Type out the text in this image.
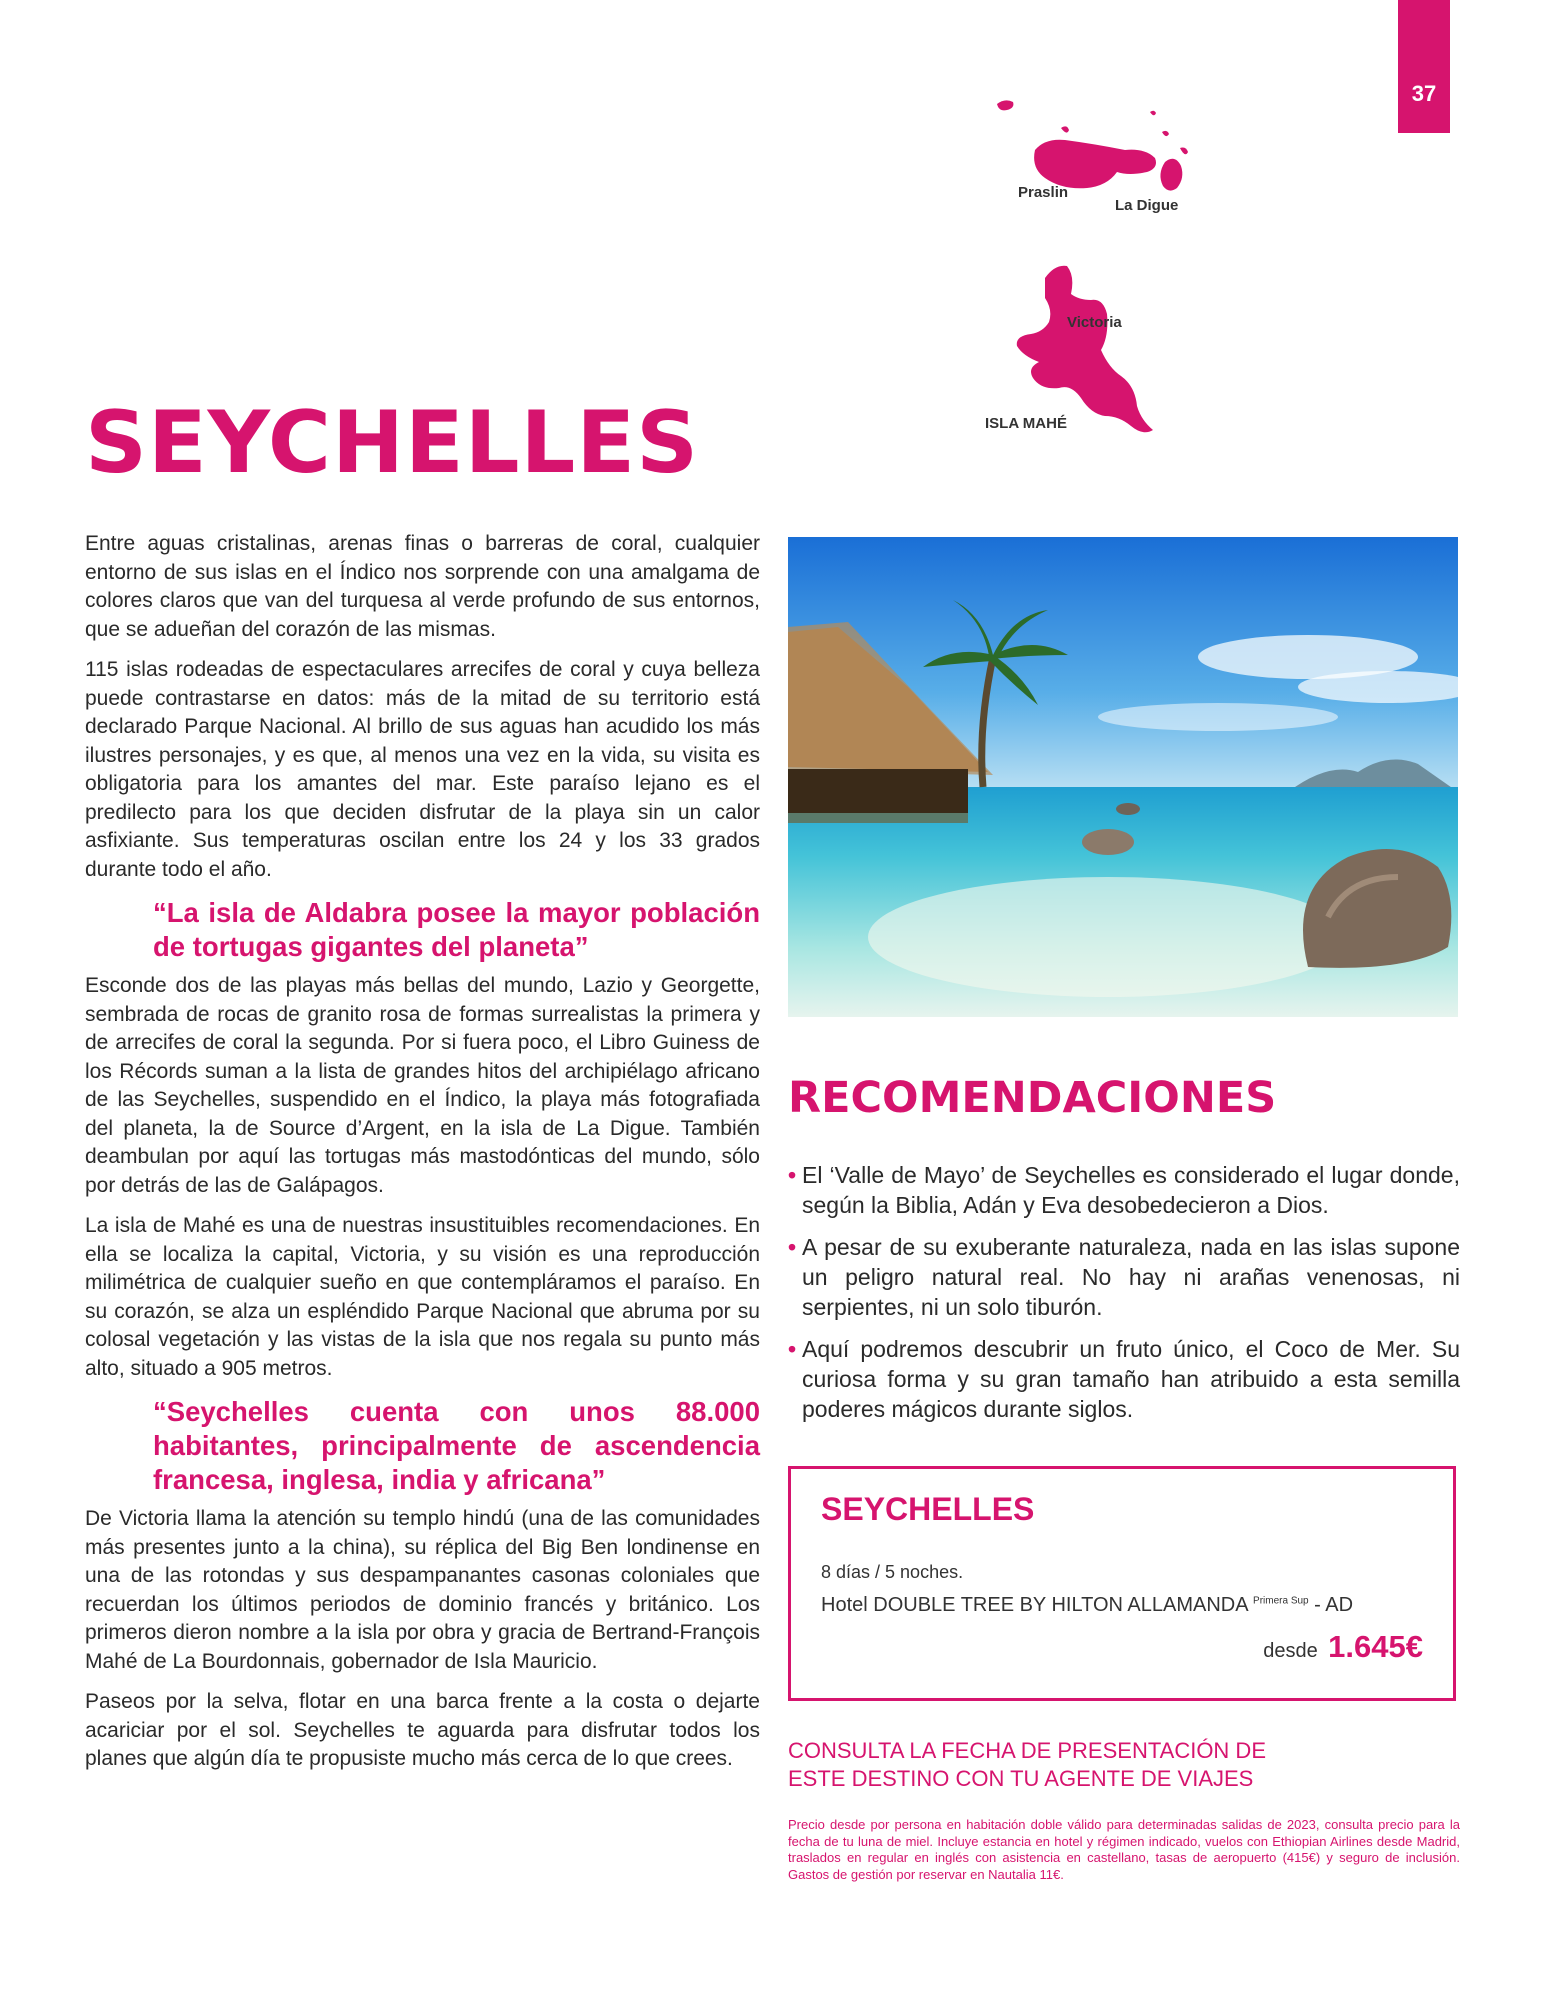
37
Praslin
La Digue
Victoria
ISLA MAHÉ
SEYCHELLES

Entre aguas cristalinas, arenas finas o barreras de coral, cualquier entorno de sus islas en el Índico nos sorprende con una amalgama de colores claros que van del turquesa al verde profundo de sus entornos, que se adueñan del corazón de las mismas.

115 islas rodeadas de espectaculares arrecifes de coral y cuya belleza puede contrastarse en datos: más de la mitad de su territorio está declarado Parque Nacional. Al brillo de sus aguas han acudido los más ilustres personajes, y es que, al menos una vez en la vida, su visita es obligatoria para los amantes del mar. Este paraíso lejano es el predilecto para los que deciden disfrutar de la playa sin un calor asfixiante. Sus temperaturas oscilan entre los 24 y los 33 grados durante todo el año.

“La isla de Aldabra posee la mayor población de tortugas gigantes del planeta”

Esconde dos de las playas más bellas del mundo, Lazio y Georgette, sembrada de rocas de granito rosa de formas surrealistas la primera y de arrecifes de coral la segunda. Por si fuera poco, el Libro Guiness de los Récords suman a la lista de grandes hitos del archipiélago africano de las Seychelles, suspendido en el Índico, la playa más fotografiada del planeta, la de Source d’Argent, en la isla de La Digue. También deambulan por aquí las tortugas más mastodónticas del mundo, sólo por detrás de las de Galápagos.

La isla de Mahé es una de nuestras insustituibles recomendaciones. En ella se localiza la capital, Victoria, y su visión es una reproducción milimétrica de cualquier sueño en que contempláramos el paraíso. En su corazón, se alza un espléndido Parque Nacional que abruma por su colosal vegetación y las vistas de la isla que nos regala su punto más alto, situado a 905 metros.

“Seychelles cuenta con unos 88.000 habitantes, principalmente de ascendencia francesa, inglesa, india y africana”

De Victoria llama la atención su templo hindú (una de las comunidades más presentes junto a la china), su réplica del Big Ben londinense en una de las rotondas y sus despampanantes casonas coloniales que recuerdan los últimos periodos de dominio francés y británico. Los primeros dieron nombre a la isla por obra y gracia de Bertrand-François Mahé de La Bourdonnais, gobernador de Isla Mauricio.

Paseos por la selva, flotar en una barca frente a la costa o dejarte acariciar por el sol. Seychelles te aguarda para disfrutar todos los planes que algún día te propusiste mucho más cerca de lo que crees.

RECOMENDACIONES
• El ‘Valle de Mayo’ de Seychelles es considerado el lugar donde, según la Biblia, Adán y Eva desobedecieron a Dios.
• A pesar de su exuberante naturaleza, nada en las islas supone un peligro natural real. No hay ni arañas venenosas, ni serpientes, ni un solo tiburón.
• Aquí podremos descubrir un fruto único, el Coco de Mer. Su curiosa forma y su gran tamaño han atribuido a esta semilla poderes mágicos durante siglos.
SEYCHELLES
8 días / 5 noches.
Hotel DOUBLE TREE BY HILTON ALLAMANDA $^{Primera Sup}$ - AD
desde 1.645€

CONSULTA LA FECHA DE PRESENTACIÓN DE
ESTE DESTINO CON TU AGENTE DE VIAJES

Precio desde por persona en habitación doble válido para determinadas salidas de 2023, consulta precio para la fecha de tu luna de miel. Incluye estancia en hotel y régimen indicado, vuelos con Ethiopian Airlines desde Madrid, traslados en regular en inglés con asistencia en castellano, tasas de aeropuerto (415€) y seguro de inclusión. Gastos de gestión por reservar en Nautalia 11€.
